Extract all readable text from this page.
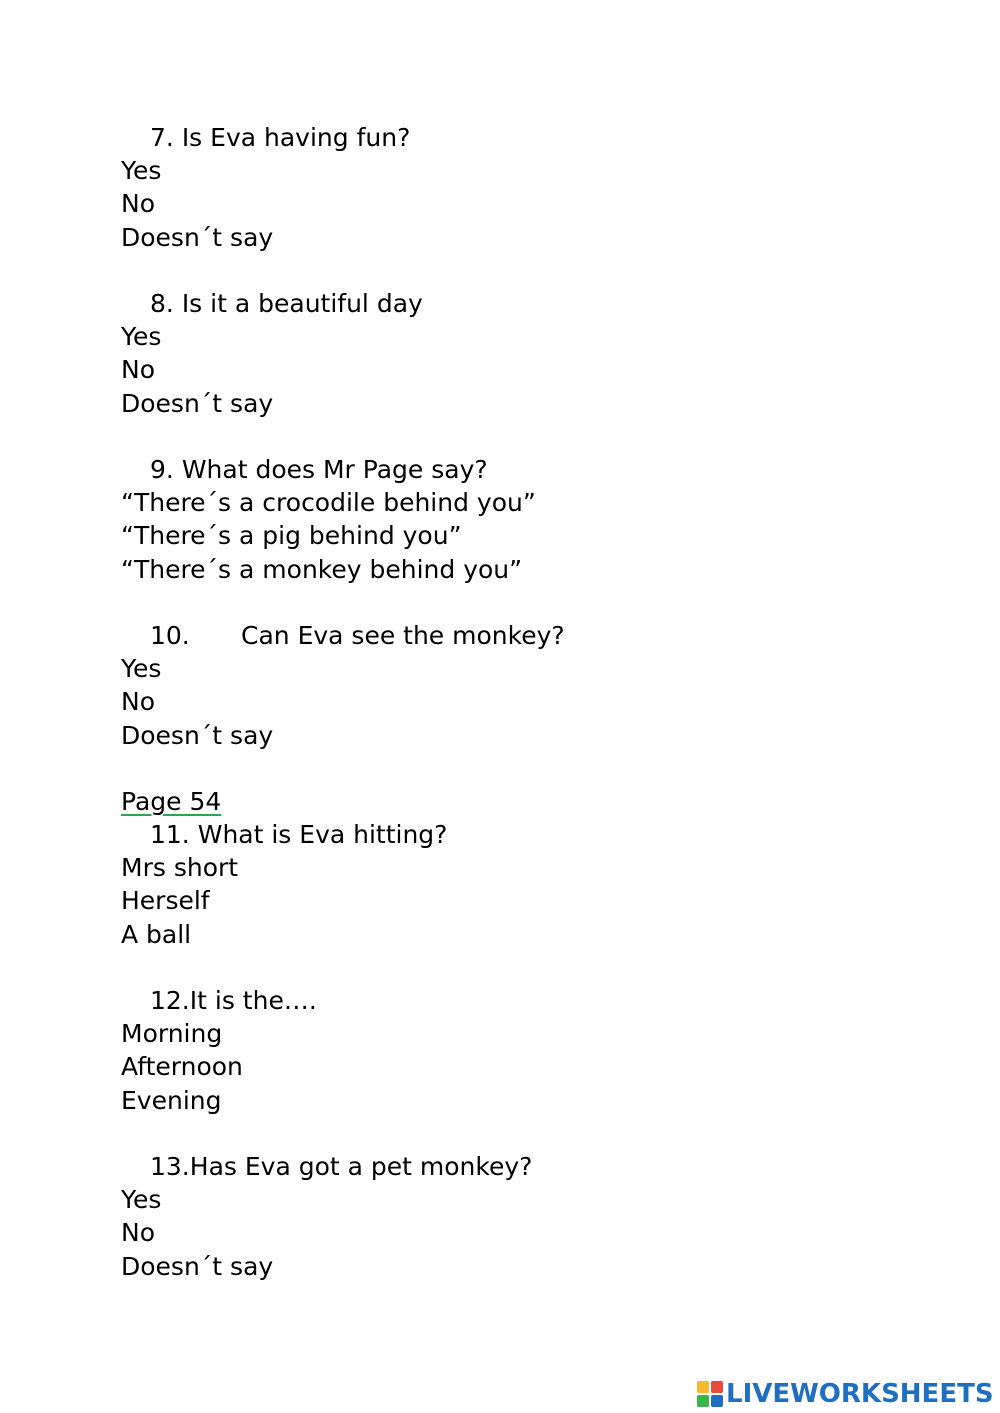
7. Is Eva having fun?
Yes
No
Doesn´t say
8. Is it a beautiful day
Yes
No
Doesn´t say
9. What does Mr Page say?
“There´s a crocodile behind you”
“There´s a pig behind you”
“There´s a monkey behind you”
10. Can Eva see the monkey?
Yes
No
Doesn´t say
Page 54
11. What is Eva hitting?
Mrs short
Herself
A ball
12.It is the….
Morning
Afternoon
Evening
13.Has Eva got a pet monkey?
Yes
No
Doesn´t say
LIVEWORKSHEETS
